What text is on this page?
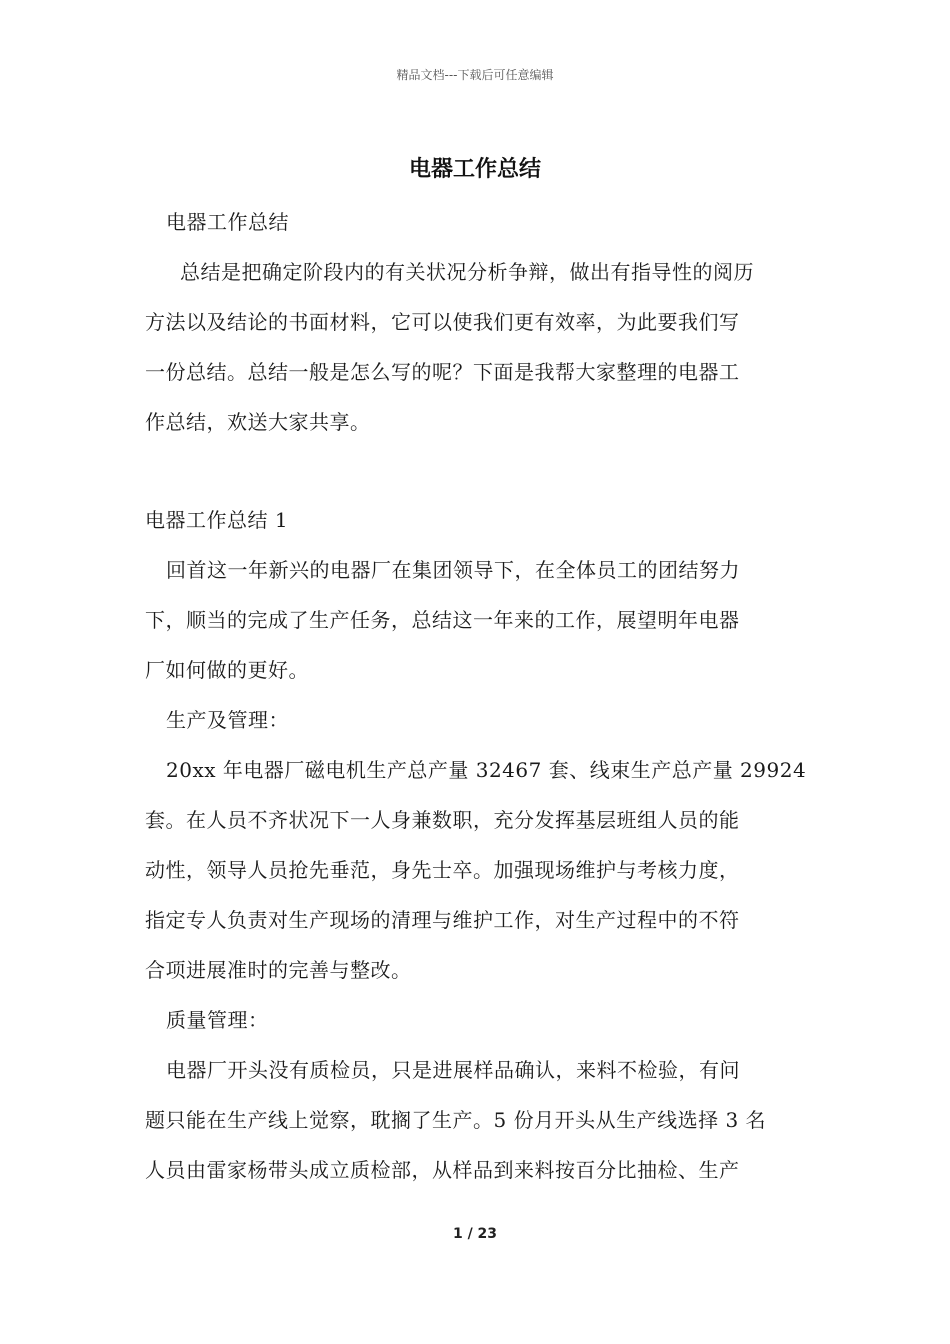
精品文档---下载后可任意编辑
电器工作总结
电器工作总结
总结是把确定阶段内的有关状况分析争辩，做出有指导性的阅历
方法以及结论的书面材料，它可以使我们更有效率，为此要我们写
一份总结。总结一般是怎么写的呢？下面是我帮大家整理的电器工
作总结，欢送大家共享。
电器工作总结 1
回首这一年新兴的电器厂在集团领导下，在全体员工的团结努力
下，顺当的完成了生产任务，总结这一年来的工作，展望明年电器
厂如何做的更好。
生产及管理：
20xx 年电器厂磁电机生产总产量 32467 套、线束生产总产量 29924
套。在人员不齐状况下一人身兼数职，充分发挥基层班组人员的能
动性，领导人员抢先垂范，身先士卒。加强现场维护与考核力度，
指定专人负责对生产现场的清理与维护工作，对生产过程中的不符
合项进展准时的完善与整改。
质量管理：
电器厂开头没有质检员，只是进展样品确认，来料不检验，有问
题只能在生产线上觉察，耽搁了生产。5 份月开头从生产线选择 3 名
人员由雷家杨带头成立质检部，从样品到来料按百分比抽检、生产
1 / 23
